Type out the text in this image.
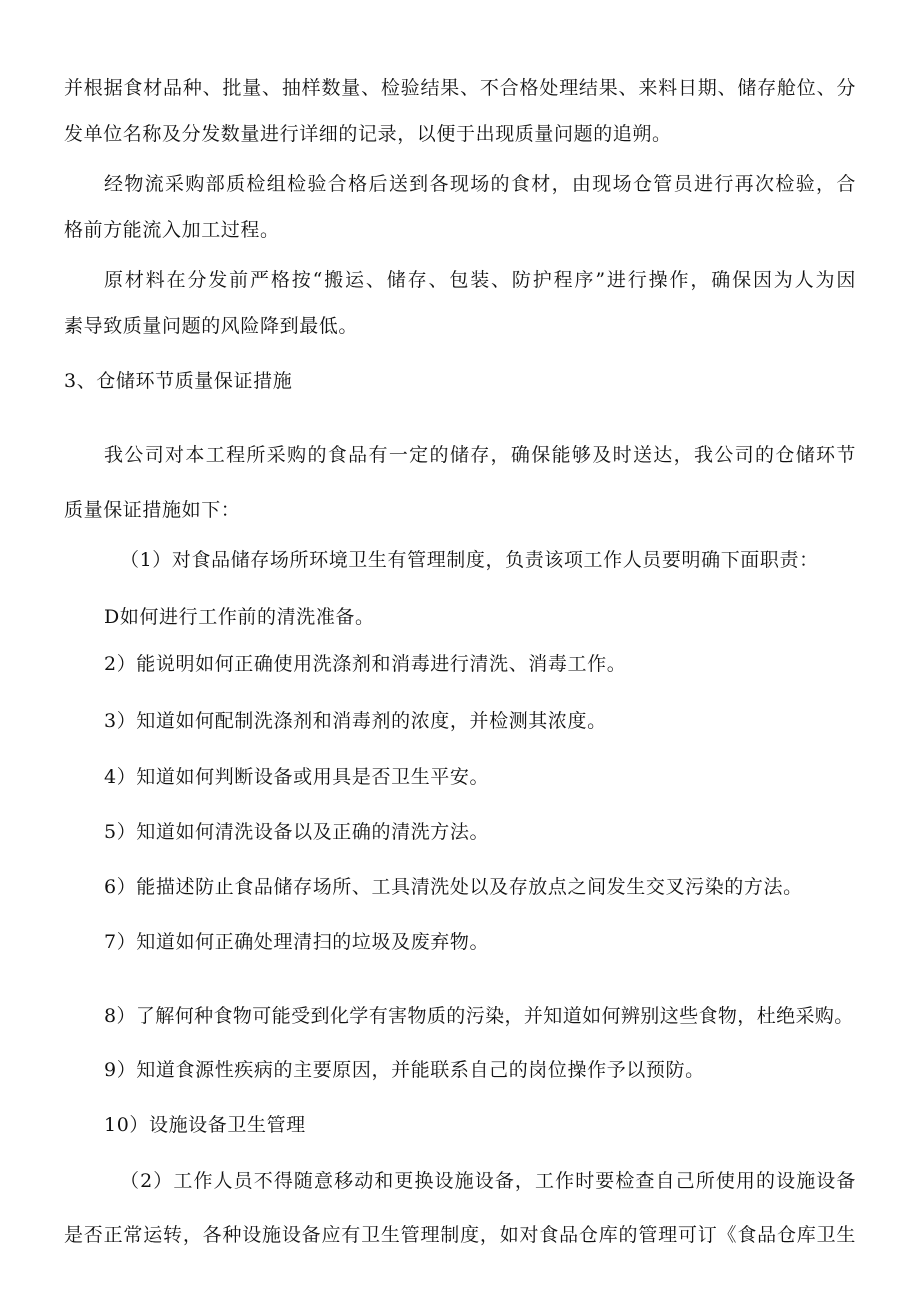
并根据食材品种、批量、抽样数量、检验结果、不合格处理结果、来料日期、储存舱位、分
发单位名称及分发数量进行详细的记录，以便于出现质量问题的追朔。
经物流采购部质检组检验合格后送到各现场的食材，由现场仓管员进行再次检验，合
格前方能流入加工过程。
原材料在分发前严格按“搬运、储存、包装、防护程序”进行操作，确保因为人为因
素导致质量问题的风险降到最低。
3、仓储环节质量保证措施
我公司对本工程所采购的食品有一定的储存，确保能够及时送达，我公司的仓储环节
质量保证措施如下：
（1）对食品储存场所环境卫生有管理制度，负责该项工作人员要明确下面职责：
D如何进行工作前的清洗准备。
2）能说明如何正确使用洗涤剂和消毒进行清洗、消毒工作。
3）知道如何配制洗涤剂和消毒剂的浓度，并检测其浓度。
4）知道如何判断设备或用具是否卫生平安。
5）知道如何清洗设备以及正确的清洗方法。
6）能描述防止食品储存场所、工具清洗处以及存放点之间发生交叉污染的方法。
7）知道如何正确处理清扫的垃圾及废弃物。
8）了解何种食物可能受到化学有害物质的污染，并知道如何辨别这些食物，杜绝采购。
9）知道食源性疾病的主要原因，并能联系自己的岗位操作予以预防。
10）设施设备卫生管理
（2）工作人员不得随意移动和更换设施设备，工作时要检查自己所使用的设施设备
是否正常运转，各种设施设备应有卫生管理制度，如对食品仓库的管理可订《食品仓库卫生
